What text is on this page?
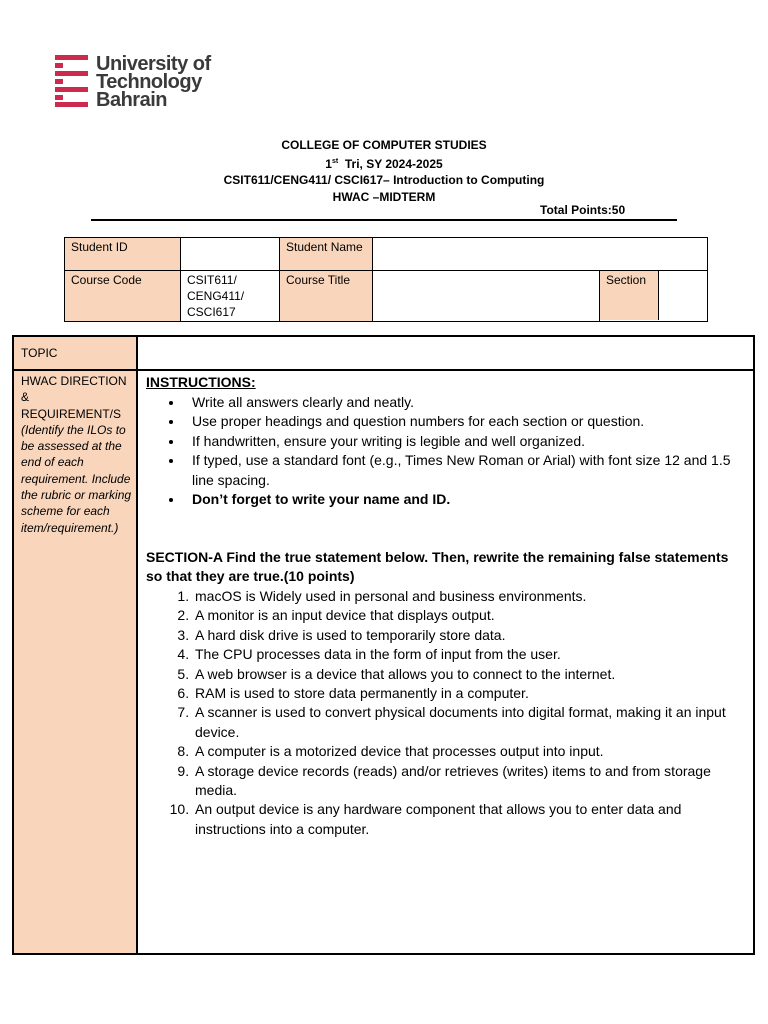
University of
Technology
Bahrain
COLLEGE OF COMPUTER STUDIES
1st  Tri, SY 2024-2025
CSIT611/CENG411/ CSCI617– Introduction to Computing
HWAC –MIDTERM
Total Points:50
Student ID		Student Name		
Course Code	CSIT611/ CENG411/ CSCI617	Course Title		Section
TOPIC
HWAC DIRECTION & REQUIREMENT/S
(Identify the ILOs to be assessed at the end of each requirement. Include the rubric or marking scheme for each item/requirement.)
INSTRUCTIONS:
• Write all answers clearly and neatly.
• Use proper headings and question numbers for each section or question.
• If handwritten, ensure your writing is legible and well organized.
• If typed, use a standard font (e.g., Times New Roman or Arial) with font size 12 and 1.5 line spacing.
• Don’t forget to write your name and ID.
SECTION-A Find the true statement below. Then, rewrite the remaining false statements so that they are true.(10 points)
1. macOS is Widely used in personal and business environments.
2. A monitor is an input device that displays output.
3. A hard disk drive is used to temporarily store data.
4. The CPU processes data in the form of input from the user.
5. A web browser is a device that allows you to connect to the internet.
6. RAM is used to store data permanently in a computer.
7. A scanner is used to convert physical documents into digital format, making it an input device.
8. A computer is a motorized device that processes output into input.
9. A storage device records (reads) and/or retrieves (writes) items to and from storage media.
10. An output device is any hardware component that allows you to enter data and instructions into a computer.
